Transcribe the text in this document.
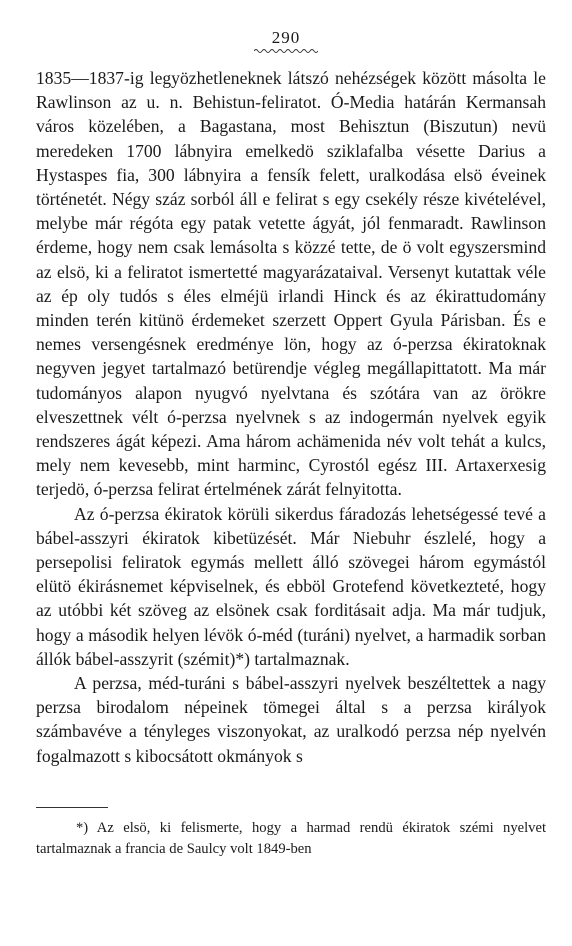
290

1835—1837-ig legyözhetleneknek látszó nehézségek között másolta le Rawlinson az u. n. Behistun-feliratot. Ó-Media határán Kermansah város közelében, a Bagastana, most Behisztun (Biszutun) nevü meredeken 1700 lábnyira emelkedö sziklafalba vésette Darius a Hystaspes fia, 300 lábnyira a fensík felett, uralkodása elsö éveinek történetét. Négy száz sorból áll e felirat s egy csekély része kivételével, melybe már régóta egy patak vetette ágyát, jól fenmaradt. Rawlinson érdeme, hogy nem csak lemásolta s közzé tette, de ö volt egyszersmind az elsö, ki a feliratot ismertetté magyarázataival. Versenyt kutattak véle az ép oly tudós s éles elméjü irlandi Hinck és az ékirattudomány minden terén kitünö érdemeket szerzett Oppert Gyula Párisban. És e nemes versengésnek eredménye lön, hogy az ó-perzsa ékiratoknak negyven jegyet tartalmazó betürendje végleg megállapittatott. Ma már tudományos alapon nyugvó nyelvtana és szótára van az örökre elveszettnek vélt ó-perzsa nyelvnek s az indogermán nyelvek egyik rendszeres ágát képezi. Ama három achämenida név volt tehát a kulcs, mely nem kevesebb, mint harminc, Cyrostól egész III. Artaxerxesig terjedö, ó-perzsa felirat értelmének zárát felnyitotta.

Az ó-perzsa ékiratok körüli sikerdus fáradozás lehetségessé tevé a bábel-asszyri ékiratok kibetüzését. Már Niebuhr észlelé, hogy a persepolisi feliratok egymás mellett álló szövegei három egymástól elütö ékirásnemet képviselnek, és ebböl Grotefend következteté, hogy az utóbbi két szöveg az elsönek csak forditásait adja. Ma már tudjuk, hogy a második helyen lévök ó-méd (turáni) nyelvet, a harmadik sorban állók bábel-asszyrit (szémit)*) tartalmaznak.

A perzsa, méd-turáni s bábel-asszyri nyelvek beszéltettek a nagy perzsa birodalom népeinek tömegei által s a perzsa királyok számbavéve a tényleges viszonyokat, az uralkodó perzsa nép nyelvén fogalmazott s kibocsátott okmányok s

*) Az elsö, ki felismerte, hogy a harmad rendü ékiratok szémi nyelvet tartalmaznak a francia de Saulcy volt 1849-ben
